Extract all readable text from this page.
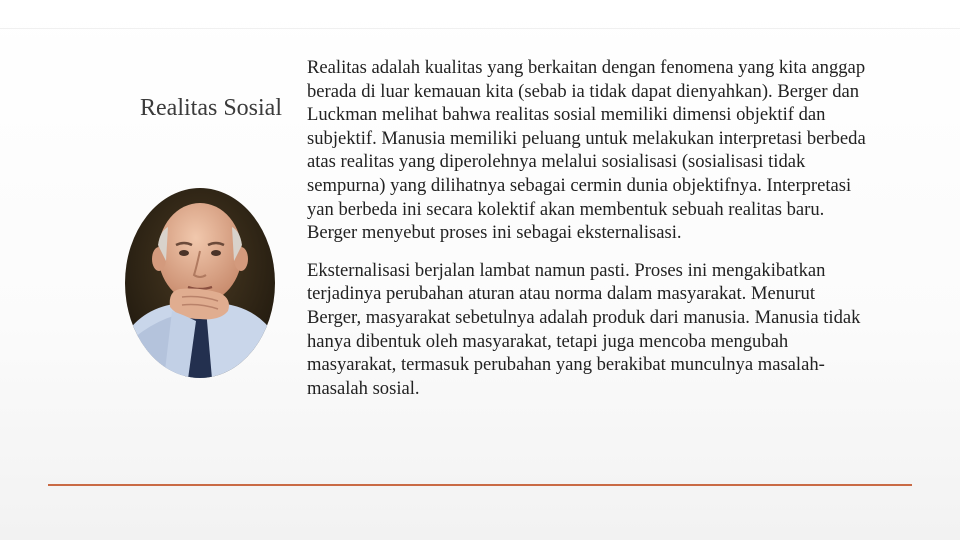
Realitas Sosial

Realitas adalah kualitas yang berkaitan dengan fenomena yang kita anggap berada di luar kemauan kita (sebab ia tidak dapat dienyahkan). Berger dan Luckman melihat bahwa realitas sosial memiliki dimensi objektif dan subjektif. Manusia memiliki peluang untuk melakukan interpretasi berbeda atas realitas yang diperolehnya melalui sosialisasi (sosialisasi tidak sempurna) yang dilihatnya sebagai cermin dunia objektifnya. Interpretasi yan berbeda ini secara kolektif akan membentuk sebuah realitas baru. Berger menyebut proses ini sebagai eksternalisasi.

Eksternalisasi berjalan lambat namun pasti. Proses ini mengakibatkan terjadinya perubahan aturan atau norma dalam masyarakat. Menurut Berger, masyarakat sebetulnya adalah produk dari manusia. Manusia tidak hanya dibentuk oleh masyarakat, tetapi juga mencoba mengubah masyarakat, termasuk perubahan yang berakibat munculnya masalah-masalah sosial.
